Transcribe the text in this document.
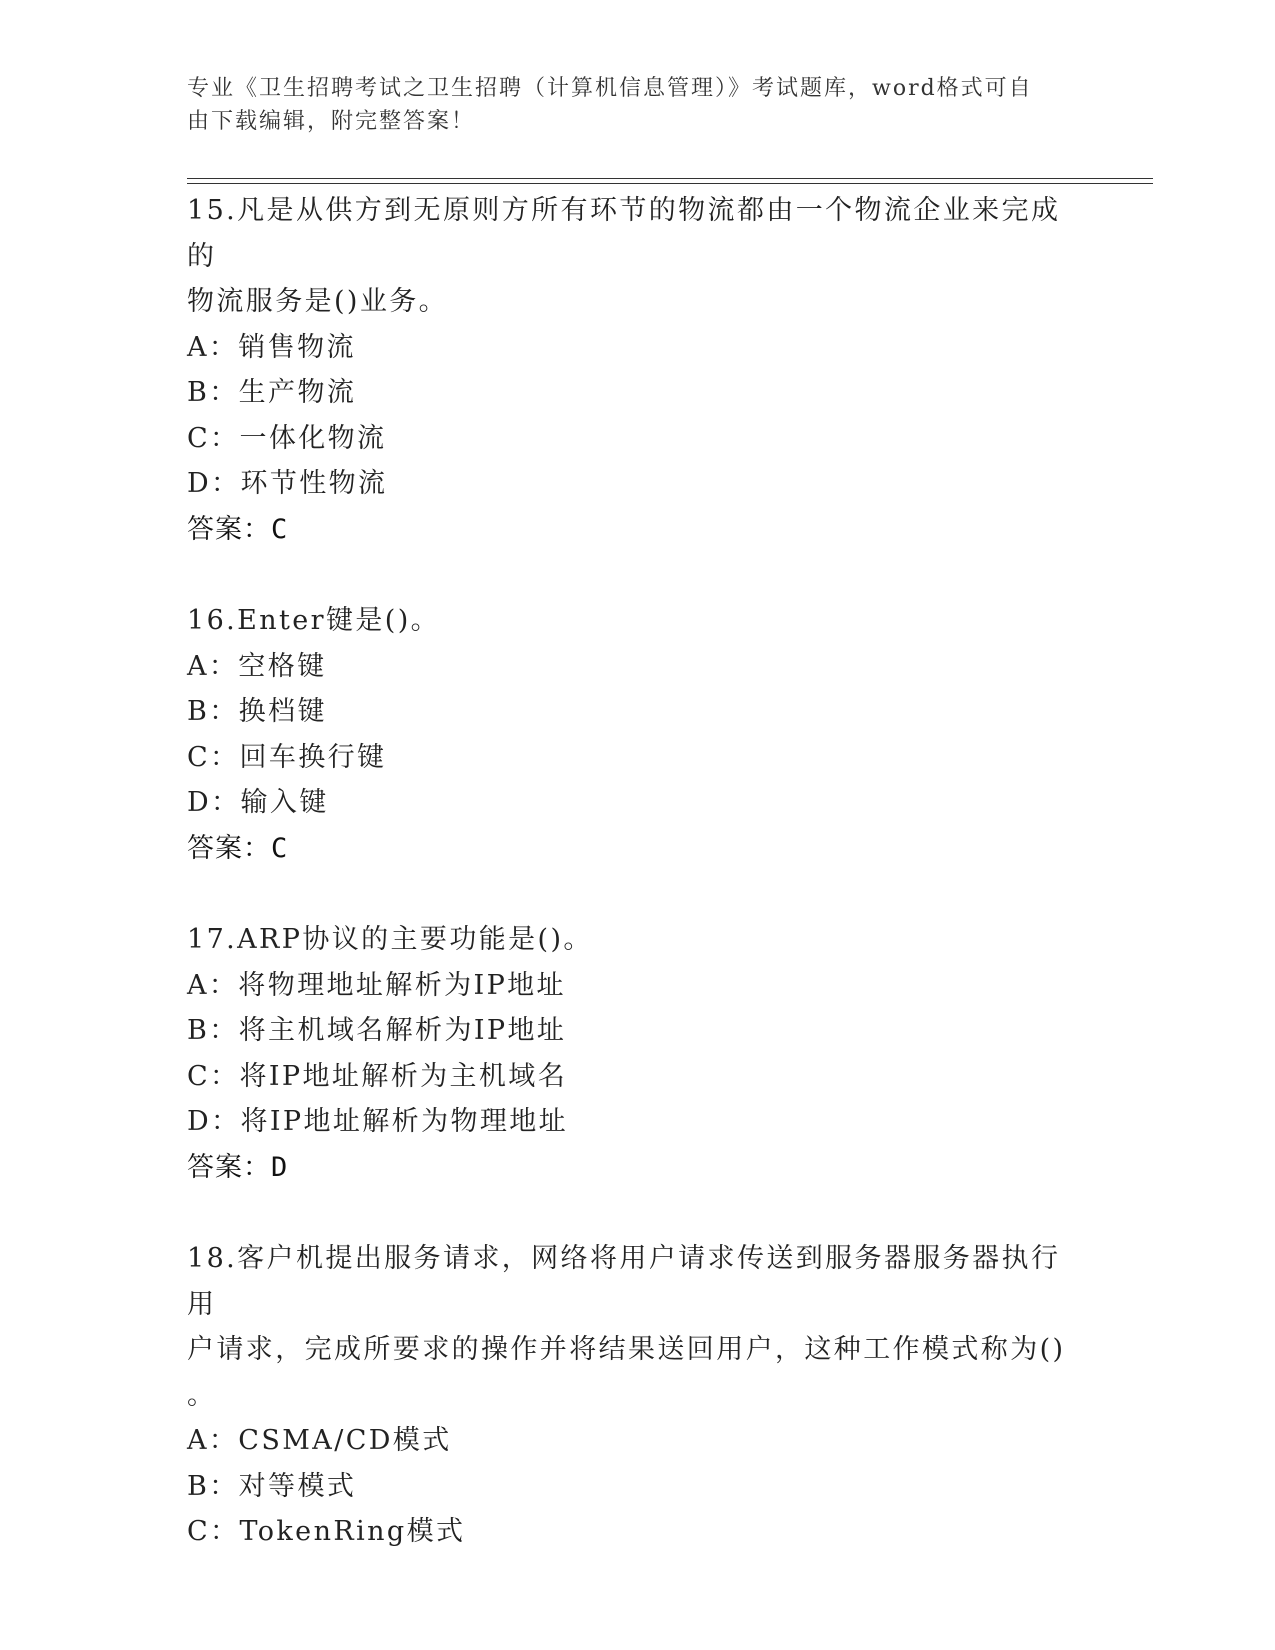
专业《卫生招聘考试之卫生招聘（计算机信息管理）》考试题库，word格式可自
由下载编辑，附完整答案！
15.凡是从供方到无原则方所有环节的物流都由一个物流企业来完成的
物流服务是()业务。
A：销售物流
B：生产物流
C：一体化物流
D：环节性物流
答案：C
16.Enter键是()。
A：空格键
B：换档键
C：回车换行键
D：输入键
答案：C
17.ARP协议的主要功能是()。
A：将物理地址解析为IP地址
B：将主机域名解析为IP地址
C：将IP地址解析为主机域名
D：将IP地址解析为物理地址
答案：D
18.客户机提出服务请求，网络将用户请求传送到服务器服务器执行用
户请求，完成所要求的操作并将结果送回用户，这种工作模式称为()
。
A：CSMA/CD模式
B：对等模式
C：TokenRing模式
